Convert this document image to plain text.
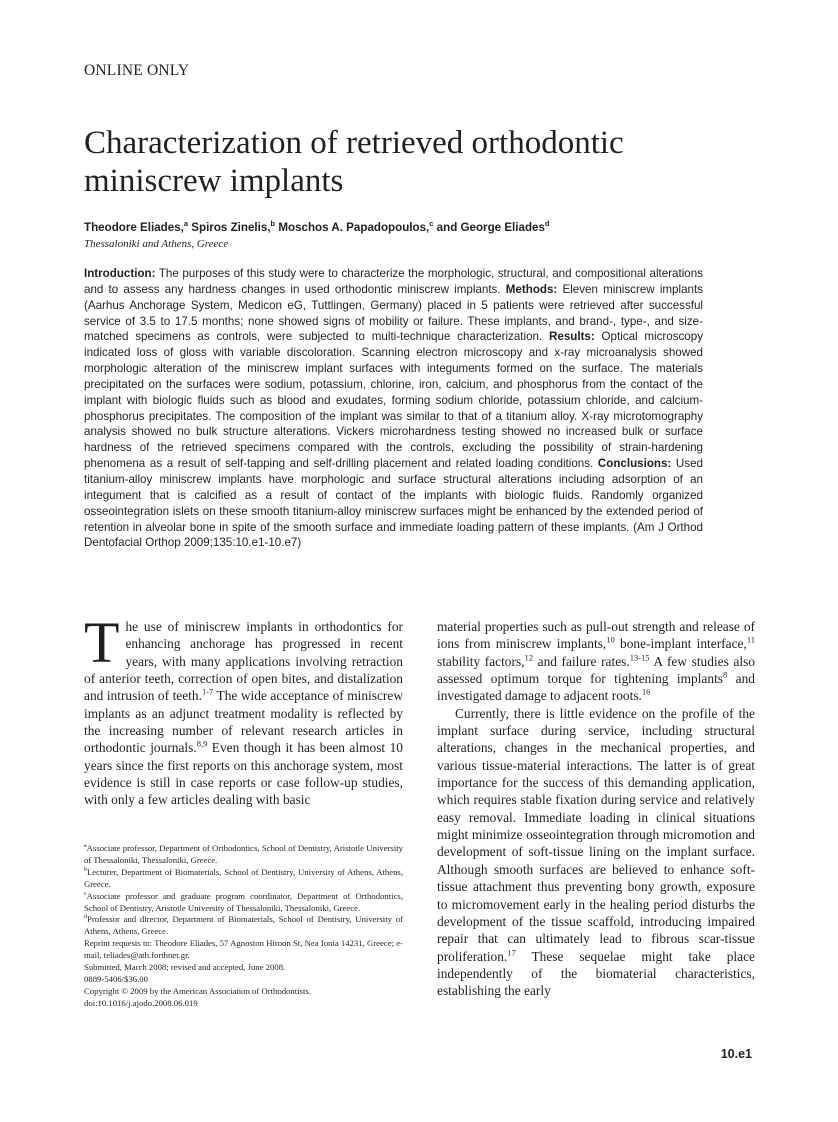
ONLINE ONLY
Characterization of retrieved orthodontic
miniscrew implants
Theodore Eliades,$^a$ Spiros Zinelis,$^b$ Moschos A. Papadopoulos,$^c$ and George Eliades$^d$
Thessaloniki and Athens, Greece

Introduction: The purposes of this study were to characterize the morphologic, structural, and compositional alterations and to assess any hardness changes in used orthodontic miniscrew implants. Methods: Eleven miniscrew implants (Aarhus Anchorage System, Medicon eG, Tuttlingen, Germany) placed in 5 patients were retrieved after successful service of 3.5 to 17.5 months; none showed signs of mobility or failure. These implants, and brand-, type-, and size-matched specimens as controls, were subjected to multi-technique characterization. Results: Optical microscopy indicated loss of gloss with variable discoloration. Scanning electron microscopy and x-ray microanalysis showed morphologic alteration of the miniscrew implant surfaces with integuments formed on the surface. The materials precipitated on the surfaces were sodium, potassium, chlorine, iron, calcium, and phosphorus from the contact of the implant with biologic fluids such as blood and exudates, forming sodium chloride, potassium chloride, and calcium-phosphorus precipitates. The composition of the implant was similar to that of a titanium alloy. X-ray microtomography analysis showed no bulk structure alterations. Vickers microhardness testing showed no increased bulk or surface hardness of the retrieved specimens compared with the controls, excluding the possibility of strain-hardening phenomena as a result of self-tapping and self-drilling placement and related loading conditions. Conclusions: Used titanium-alloy miniscrew implants have morphologic and surface structural alterations including adsorption of an integument that is calcified as a result of contact of the implants with biologic fluids. Randomly organized osseointegration islets on these smooth titanium-alloy miniscrew surfaces might be enhanced by the extended period of retention in alveolar bone in spite of the smooth surface and immediate loading pattern of these implants. (Am J Orthod Dentofacial Orthop 2009;135:10.e1-10.e7)

The use of miniscrew implants in orthodontics for enhancing anchorage has progressed in recent years, with many applications involving retraction of anterior teeth, correction of open bites, and distalization and intrusion of teeth.$^{1-7}$ The wide acceptance of miniscrew implants as an adjunct treatment modality is reflected by the increasing number of relevant research articles in orthodontic journals.$^{8,9}$ Even though it has been almost 10 years since the first reports on this anchorage system, most evidence is still in case reports or case follow-up studies, with only a few articles dealing with basic

$^a$Associate professor, Department of Orthodontics, School of Dentistry, Aristotle University of Thessaloniki, Thessaloniki, Greece.

$^b$Lecturer, Department of Biomaterials, School of Dentistry, University of Athens, Athens, Greece.

$^c$Associate professor and graduate program coordinator, Department of Orthodontics, School of Dentistry, Aristotle University of Thessaloniki, Thessaloniki, Greece.

$^d$Professor and director, Department of Biomaterials, School of Dentistry, University of Athens, Athens, Greece.

Reprint requests to: Theodore Eliades, 57 Agnoston Hiroon St, Nea Ionia 14231, Greece; e-mail, teliades@ath.forthnet.gr.

Submitted, March 2008; revised and accepted, June 2008.

0889-5406/$36.00

Copyright © 2009 by the American Association of Orthodontists.

doi:10.1016/j.ajodo.2008.06.019

material properties such as pull-out strength and release of ions from miniscrew implants,$^{10}$ bone-implant interface,$^{11}$ stability factors,$^{12}$ and failure rates.$^{13-15}$ A few studies also assessed optimum torque for tightening implants$^8$ and investigated damage to adjacent roots.$^{16}$

Currently, there is little evidence on the profile of the implant surface during service, including structural alterations, changes in the mechanical properties, and various tissue-material interactions. The latter is of great importance for the success of this demanding application, which requires stable fixation during service and relatively easy removal. Immediate loading in clinical situations might minimize osseointegration through micromotion and development of soft-tissue lining on the implant surface. Although smooth surfaces are believed to enhance soft-tissue attachment thus preventing bony growth, exposure to micromovement early in the healing period disturbs the development of the tissue scaffold, introducing impaired repair that can ultimately lead to fibrous scar-tissue proliferation.$^{17}$ These sequelae might take place independently of the biomaterial characteristics, establishing the early

10.e1
